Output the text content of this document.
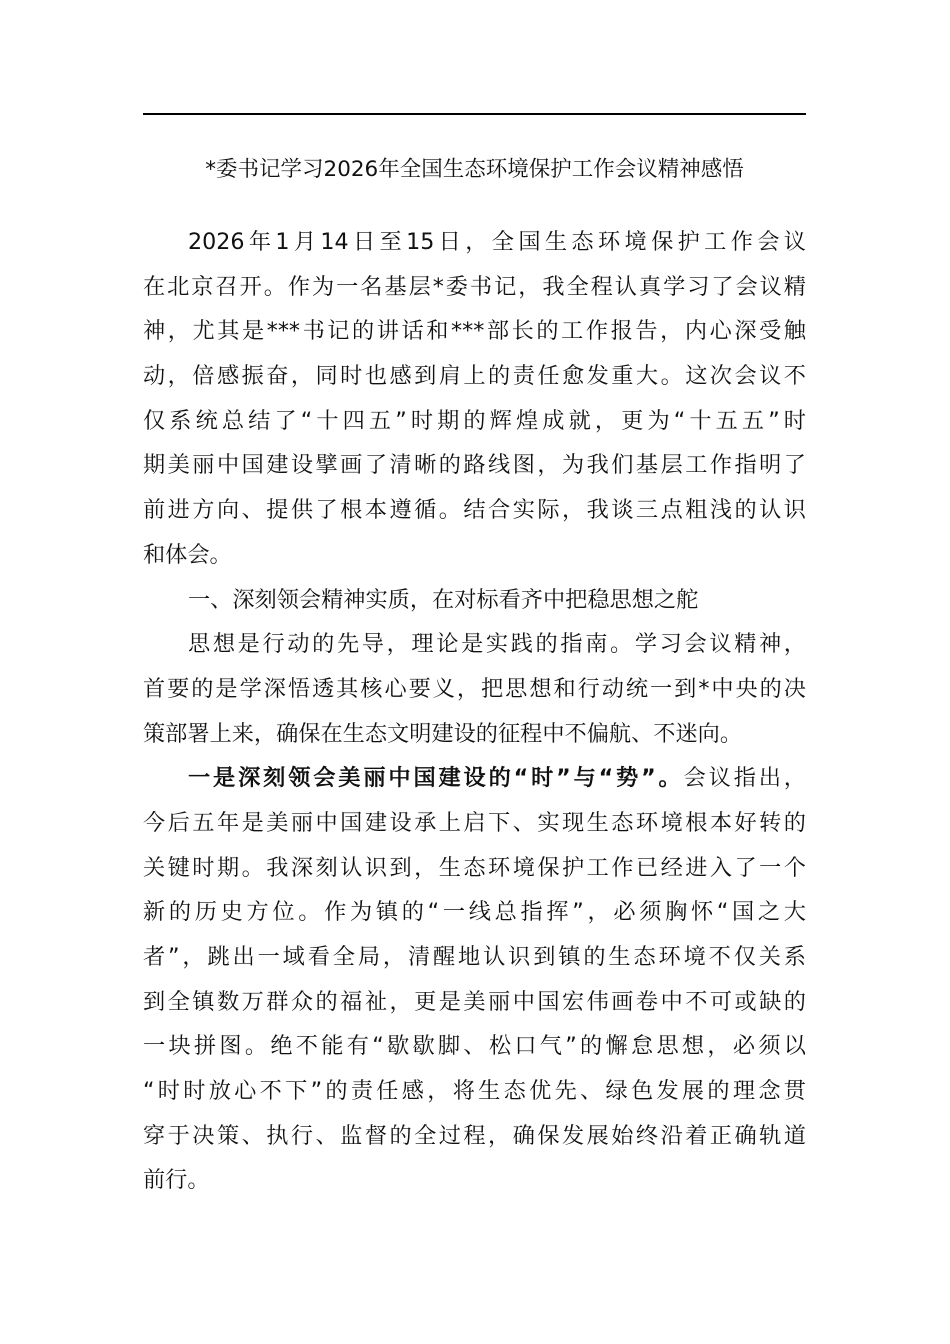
*委书记学习2026年全国生态环境保护工作会议精神感悟
2026年1月14日至15日，全国生态环境保护工作会议
在北京召开。作为一名基层*委书记，我全程认真学习了会议精
神，尤其是***书记的讲话和***部长的工作报告，内心深受触
动，倍感振奋，同时也感到肩上的责任愈发重大。这次会议不
仅系统总结了“十四五”时期的辉煌成就，更为“十五五”时
期美丽中国建设擘画了清晰的路线图，为我们基层工作指明了
前进方向、提供了根本遵循。结合实际，我谈三点粗浅的认识
和体会。
一、深刻领会精神实质，在对标看齐中把稳思想之舵
思想是行动的先导，理论是实践的指南。学习会议精神，
首要的是学深悟透其核心要义，把思想和行动统一到*中央的决
策部署上来，确保在生态文明建设的征程中不偏航、不迷向。
一是深刻领会美丽中国建设的“时”与“势”。会议指出，
今后五年是美丽中国建设承上启下、实现生态环境根本好转的
关键时期。我深刻认识到，生态环境保护工作已经进入了一个
新的历史方位。作为镇的“一线总指挥”，必须胸怀“国之大
者”，跳出一域看全局，清醒地认识到镇的生态环境不仅关系
到全镇数万群众的福祉，更是美丽中国宏伟画卷中不可或缺的
一块拼图。绝不能有“歇歇脚、松口气”的懈怠思想，必须以
“时时放心不下”的责任感，将生态优先、绿色发展的理念贯
穿于决策、执行、监督的全过程，确保发展始终沿着正确轨道
前行。
